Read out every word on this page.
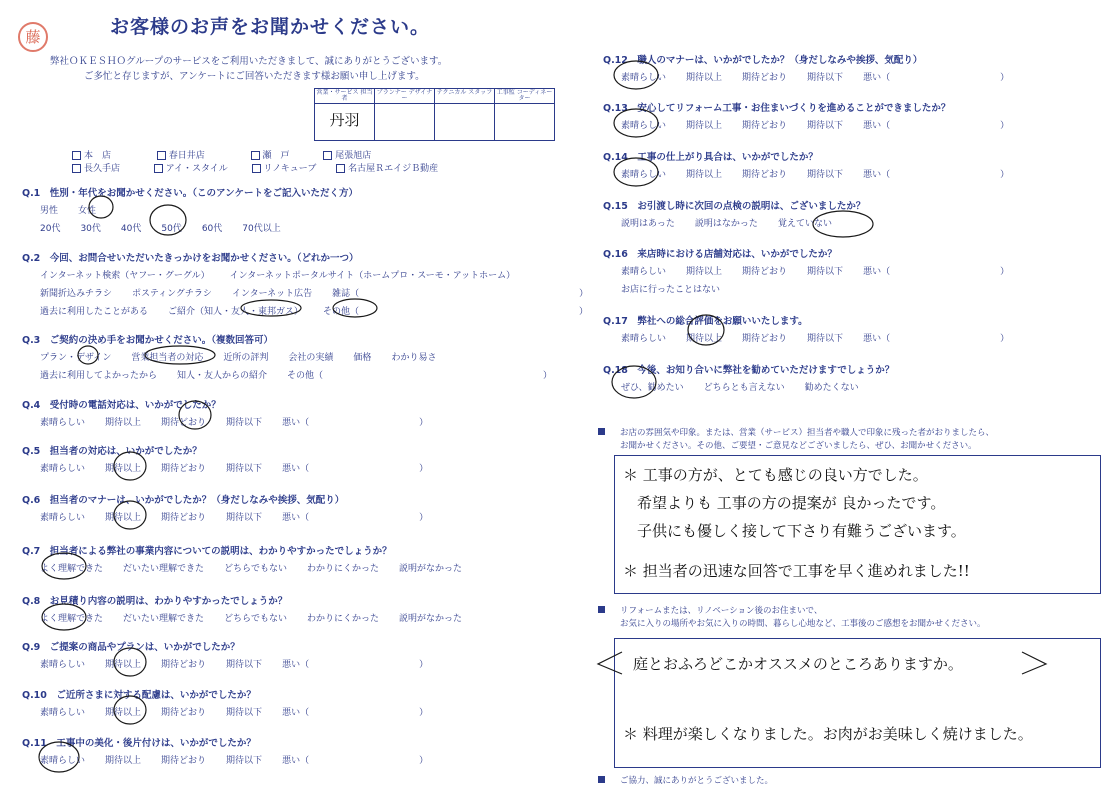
藤	お客様のお声をお聞かせください。
弊社ＯＫＥＳＨＯグループのサービスをご利用いただきまして、誠にありがとうございます。
ご多忙と存じますが、アンケートにご回答いただきます様お願い申し上げます。
営業・サービス 担当者	プランナー デザイナー	テクニカル スタッフ	工事監 コーディネーター
丹羽			
本　店	春日井店	瀬　戸	尾張旭店
長久手店	アイ・スタイル	リノキューブ	名古屋ＲエイジＢ動産
Q.1　性別・年代をお聞かせください。（このアンケートをご記入いただく方）
男性 女性
20代 30代 40代 50代 60代 70代以上
Q.2　今回、お問合せいただいたきっかけをお聞かせください。（どれか一つ）
インターネット検索（ヤフー・グーグル） インターネットポータルサイト（ホームプロ・スーモ・アットホーム）
新聞折込みチラシ ポスティングチラシ インターネット広告 雑誌（	）
過去に利用したことがある ご紹介（知人・友人・東邦ガス） その他（	）
Q.3　ご契約の決め手をお聞かせください。（複数回答可）
プラン・デザイン 営業担当者の対応 近所の評判 会社の実績 価格 わかり易さ
過去に利用してよかったから 知人・友人からの紹介 その他（	）
Q.4　受付時の電話対応は、いかがでしたか？
素晴らしい 期待以上 期待どおり 期待以下 悪い（	）
Q.5　担当者の対応は、いかがでしたか？
素晴らしい 期待以上 期待どおり 期待以下 悪い（	）
Q.6　担当者のマナーは、いかがでしたか？（身だしなみや挨拶、気配り）
素晴らしい 期待以上 期待どおり 期待以下 悪い（	）
Q.7　担当者による弊社の事業内容についての説明は、わかりやすかったでしょうか？
よく理解できた だいたい理解できた どちらでもない わかりにくかった 説明がなかった
Q.8　お見積り内容の説明は、わかりやすかったでしょうか？
よく理解できた だいたい理解できた どちらでもない わかりにくかった 説明がなかった
Q.9　ご提案の商品やプランは、いかがでしたか？
素晴らしい 期待以上 期待どおり 期待以下 悪い（	）
Q.10　ご近所さまに対する配慮は、いかがでしたか？
素晴らしい 期待以上 期待どおり 期待以下 悪い（	）
Q.11　工事中の美化・後片付けは、いかがでしたか？
素晴らしい 期待以上 期待どおり 期待以下 悪い（	）
Q.12　職人のマナーは、いかがでしたか？（身だしなみや挨拶、気配り）
素晴らしい 期待以上 期待どおり 期待以下 悪い（	）
Q.13　安心してリフォーム工事・お住まいづくりを進めることができましたか？
素晴らしい 期待以上 期待どおり 期待以下 悪い（	）
Q.14　工事の仕上がり具合は、いかがでしたか？
素晴らしい 期待以上 期待どおり 期待以下 悪い（	）
Q.15　お引渡し時に次回の点検の説明は、ございましたか？
説明はあった 説明はなかった 覚えていない
Q.16　来店時における店舗対応は、いかがでしたか？
素晴らしい 期待以上 期待どおり 期待以下 悪い（	）
お店に行ったことはない
Q.17　弊社への総合評価をお願いいたします。
素晴らしい 期待以上 期待どおり 期待以下 悪い（	）
Q.18　今後、お知り合いに弊社を勧めていただけますでしょうか？
ぜひ、勧めたい どちらとも言えない 勧めたくない
お店の雰囲気や印象。または、営業（サービス）担当者や職人で印象に残った者がおりましたら、
お聞かせください。その他、ご要望・ご意見などございましたら、ぜひ、お聞かせください。
＊ 工事の方が、とても感じの良い方でした。
希望よりも 工事の方の提案が 良かったです。
子供にも優しく接して下さり有難うございます。
＊ 担当者の迅速な回答で工事を早く進めれました!!
リフォームまたは、リノベーション後のお住まいで、
お気に入りの場所やお気に入りの時間、暮らし心地など、工事後のご感想をお聞かせください。
庭とおふろどこかオススメのところありますか。
＊ 料理が楽しくなりました。お肉がお美味しく焼けました。
ご協力、誠にありがとうございました。
